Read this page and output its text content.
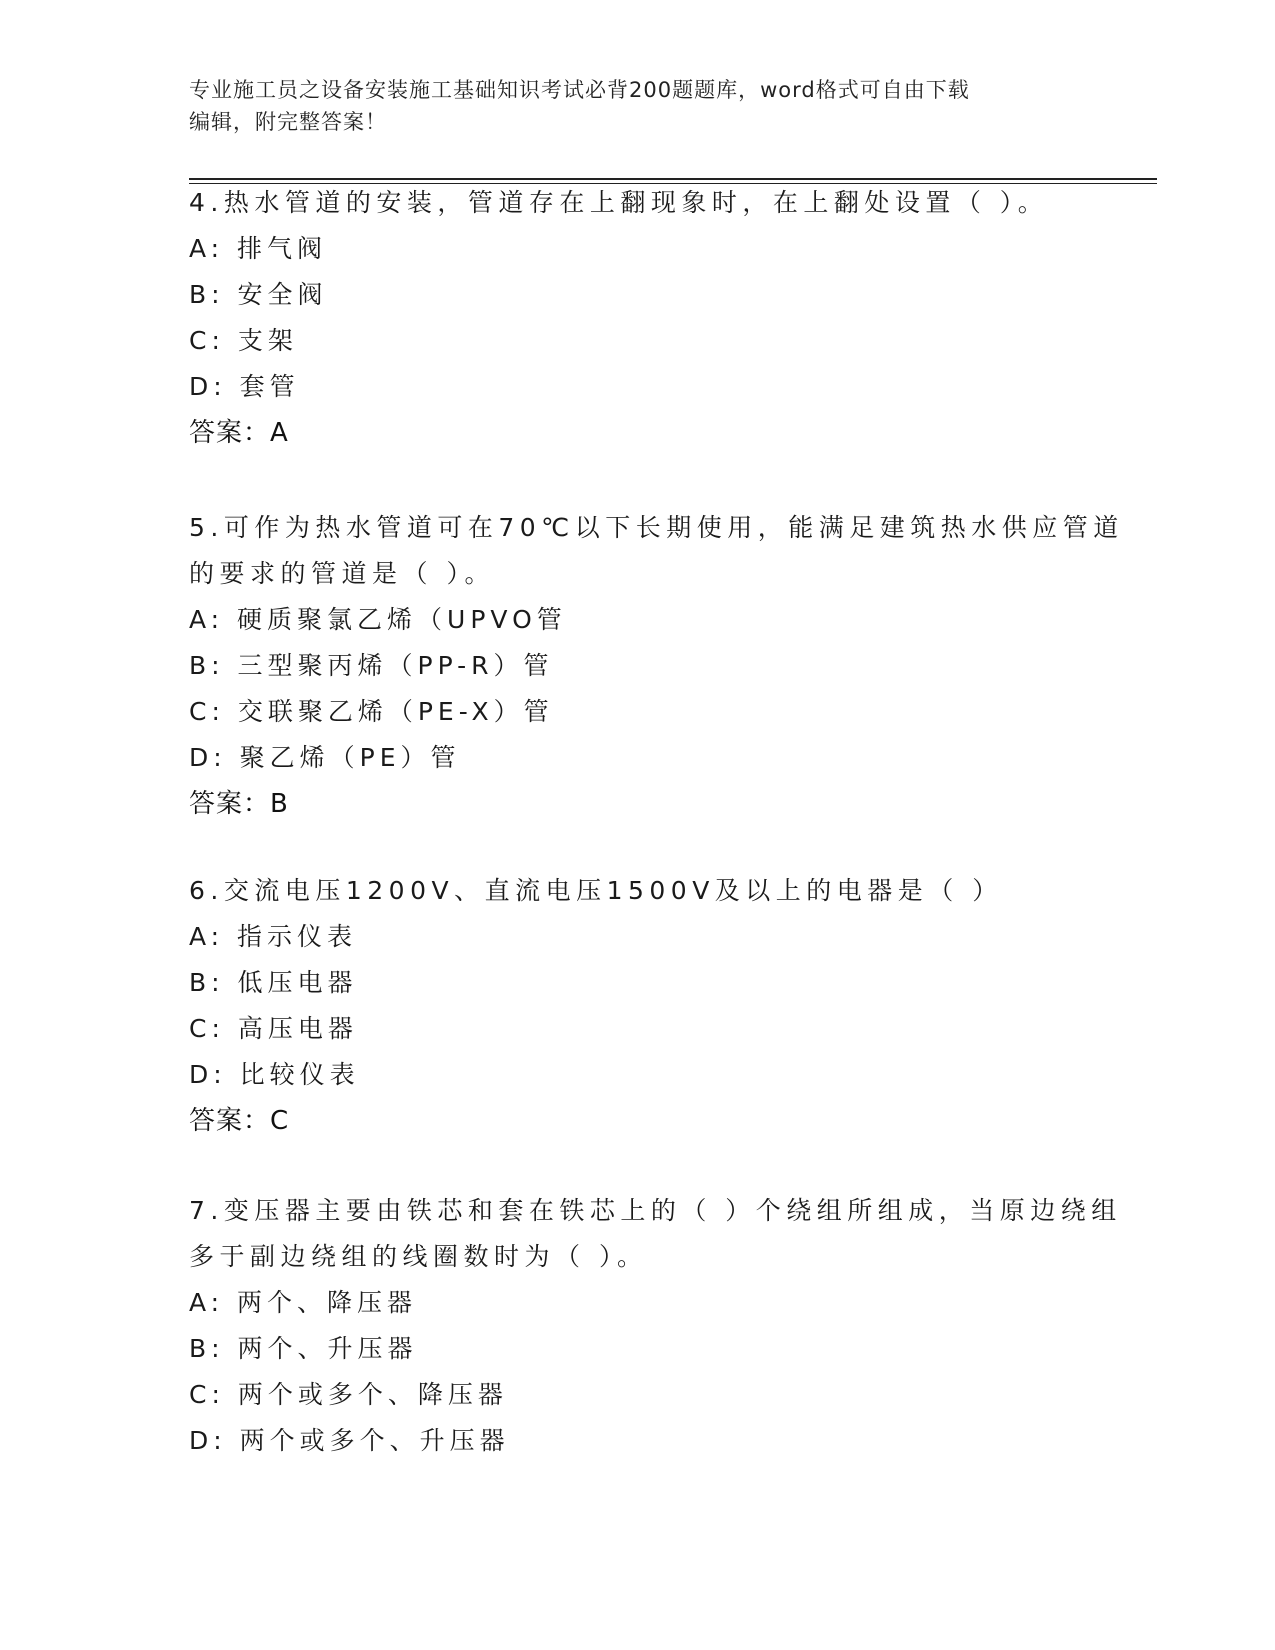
专业施工员之设备安装施工基础知识考试必背200题题库，word格式可自由下载
编辑，附完整答案！
4.热水管道的安装，管道存在上翻现象时，在上翻处设置（ ）。
A: 排气阀
B: 安全阀
C: 支架
D: 套管
答案：A
5.可作为热水管道可在70℃以下长期使用，能满足建筑热水供应管道
的要求的管道是（ ）。
A: 硬质聚氯乙烯（UPVO管
B: 三型聚丙烯（PP-R）管
C: 交联聚乙烯（PE-X）管
D: 聚乙烯（PE）管
答案：B
6.交流电压1200V、直流电压1500V及以上的电器是（ ）
A: 指示仪表
B: 低压电器
C: 高压电器
D: 比较仪表
答案：C
7.变压器主要由铁芯和套在铁芯上的（ ）个绕组所组成，当原边绕组
多于副边绕组的线圈数时为（ ）。
A: 两个、降压器
B: 两个、升压器
C: 两个或多个、降压器
D: 两个或多个、升压器
